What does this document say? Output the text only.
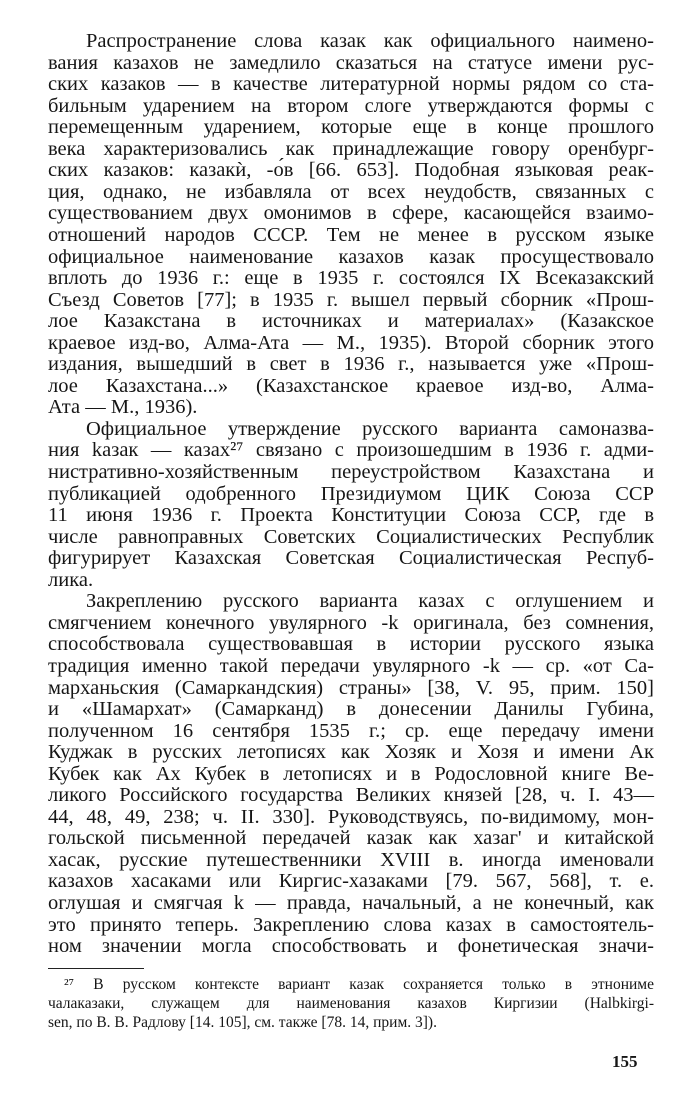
Распространение слова казак как официального наимено-
вания казахов не замедлило сказаться на статусе имени рус-
ских казаков — в качестве литературной нормы рядом со ста-
бильным ударением на втором слоге утверждаются формы с
перемещенным ударением, которые еще в конце прошлого
века характеризовались как принадлежащие говору оренбург-
ских казаков: казакѝ, -о́в [66. 653]. Подобная языковая реак-
ция, однако, не избавляла от всех неудобств, связанных с
существованием двух омонимов в сфере, касающейся взаимо-
отношений народов СССР. Тем не менее в русском языке
официальное наименование казахов казак просуществовало
вплоть до 1936 г.: еще в 1935 г. состоялся IX Всеказакский
Съезд Советов [77]; в 1935 г. вышел первый сборник «Прош-
лое Казакстана в источниках и материалах» (Казакское
краевое изд-во, Алма-Ата — М., 1935). Второй сборник этого
издания, вышедший в свет в 1936 г., называется уже «Прош-
лое Казахстана...» (Казахстанское краевое изд-во, Алма-
Ата — М., 1936).
Официальное утверждение русского варианта самоназва-
ния kазак — казах²⁷ связано с произошедшим в 1936 г. адми-
нистративно-хозяйственным переустройством Казахстана и
публикацией одобренного Президиумом ЦИК Союза ССР
11 июня 1936 г. Проекта Конституции Союза ССР, где в
числе равноправных Советских Социалистических Республик
фигурирует Казахская Советская Социалистическая Респуб-
лика.
Закреплению русского варианта казах с оглушением и
смягчением конечного увулярного -k оригинала, без сомнения,
способствовала существовавшая в истории русского языка
традиция именно такой передачи увулярного -k — ср. «от Са-
марханьския (Самаркандския) страны» [38, V. 95, прим. 150]
и «Шамархат» (Самарканд) в донесении Данилы Губина,
полученном 16 сентября 1535 г.; ср. еще передачу имени
Куджак в русских летописях как Хозяк и Хозя и имени Ак
Кубек как Ах Кубек в летописях и в Родословной книге Ве-
ликого Российского государства Великих князей [28, ч. I. 43—
44, 48, 49, 238; ч. II. 330]. Руководствуясь, по-видимому, мон-
гольской письменной передачей казак как хазаг' и китайской
хасак, русские путешественники XVIII в. иногда именовали
казахов хасаками или Киргис-хазаками [79. 567, 568], т. е.
оглушая и смягчая k — правда, начальный, а не конечный, как
это принято теперь. Закреплению слова казах в самостоятель-
ном значении могла способствовать и фонетическая значи-
²⁷ В русском контексте вариант казак сохраняется только в этнониме
чалаказаки, служащем для наименования казахов Киргизии (Halbkirgi-
sen, по В. В. Радлову [14. 105], см. также [78. 14, прим. 3]).
155
